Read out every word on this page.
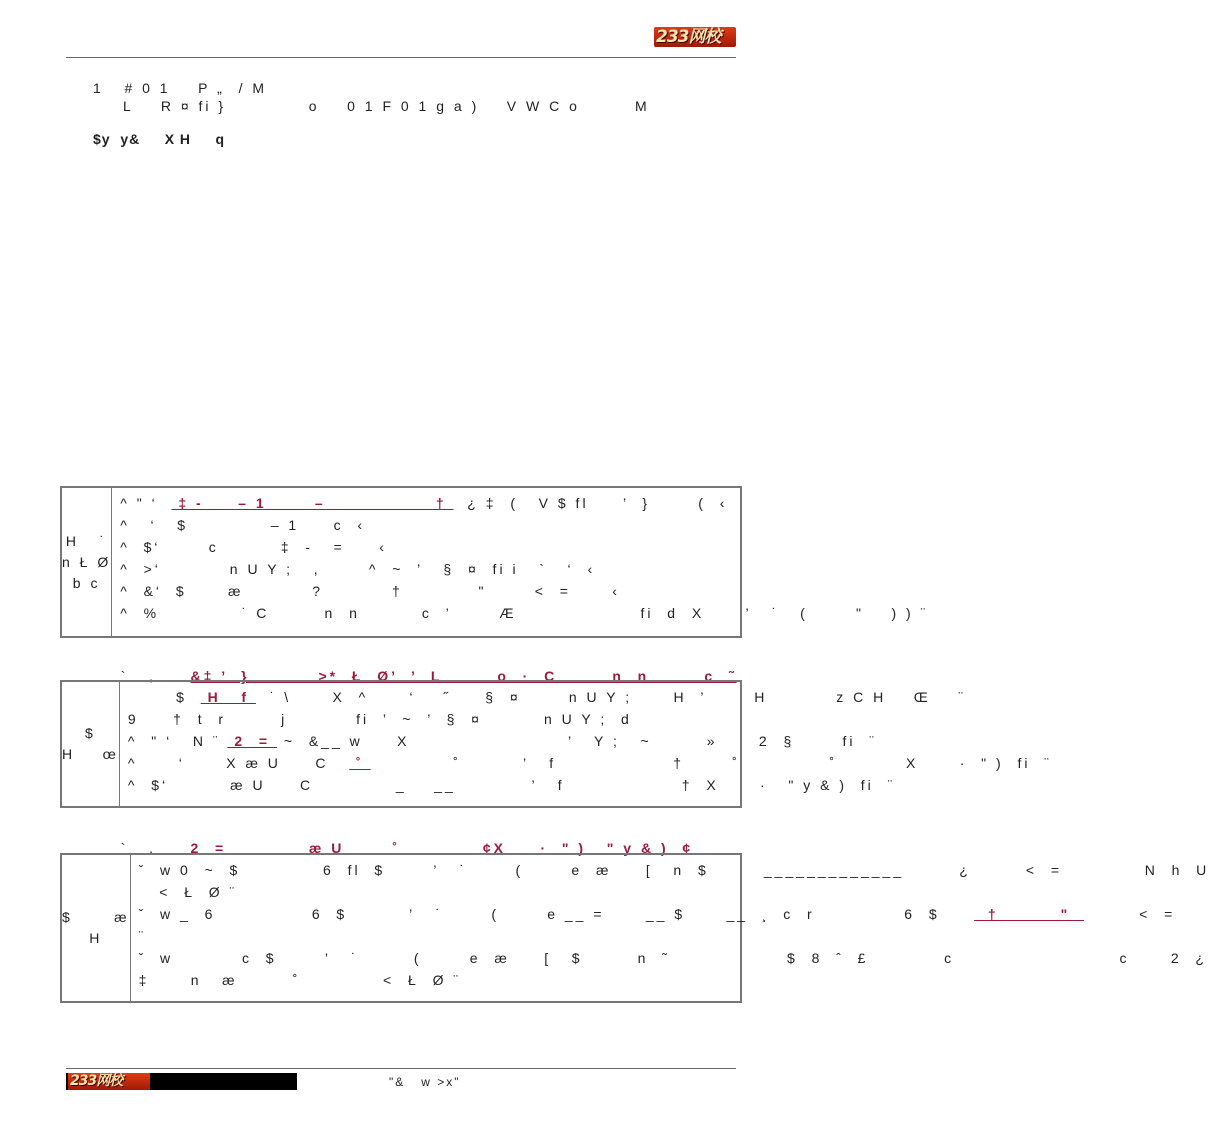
233网校
1   # 0 1    P „  / M
L    R ¤ fi }            o    0 1 F 0 1 g a )    V W C o        M
$y  y&     X H     q
H   ˙
n Ł Ø
b c
^ " ‘   ‡ -     – 1       –                †   ¿ ‡  (   V $ fl     ’  }       (  ‹
^   ‘   $            – 1     c  ‹
^  $‘       c         ‡  -   =     ‹
^  >‘          n U Y ;   ,       ^  ~  ’   §  ¤  fi i   `   ‘  ‹
^  &‘  $      æ          ?          †           "       <  =      ‹
^  %            ˙ C        n  n         c  ’       Æ                  fi  d  X      ’   ˙   (       "    ) ) ¨

`   ,     &‡ ’  }          >*  Ł  Ø’  ’  L        o  ·  C        n  n        c  ˜

$
H    œ
$   H   f   ˙ \      X  ^      ‘    ˝     §  ¤       n U Y ;      H  ’       H          z C H    Œ    ¨
9     †  t  r        j          fi  ’  ~  ’  §  ¤         n U Y ;  d
^  " ‘   N ¨  2  =  ~  &__ w     X                       ’   Y ;   ~        »      2  §       fi  ¨
^      ‘      X æ U     C    ˚             ˚         ’   f                 †       ˚             ˚          X      ·  " )  fi  ¨
^  $‘         æ U     C            _    __           ’   f                 †  X      ·   " y & )  fi  ¨

`   ,     2  =            æ U       ˚            ¢X     ·  " )   " y & )  ¢

$      æ
H
ˇ  w 0  ~  $            6  fl  $       ’   ˙       (       e  æ     [   n  $        _____________        ¿        <  =            N  h  U
<  Ł  Ø ¨
ˇ  w _  6              6  $         ’   ˙       (       e __ =      __ $      __  ¸  c  r             6  $       †         "          <  =
¨
ˇ  w          c  $       ’   ˙        (       e  æ     [   $        n  ˜                 $  8  ˆ  £           c                        c      2  ¿
‡      n   æ        ˚            <  Ł  Ø ¨
233网校	"&   w >x"
